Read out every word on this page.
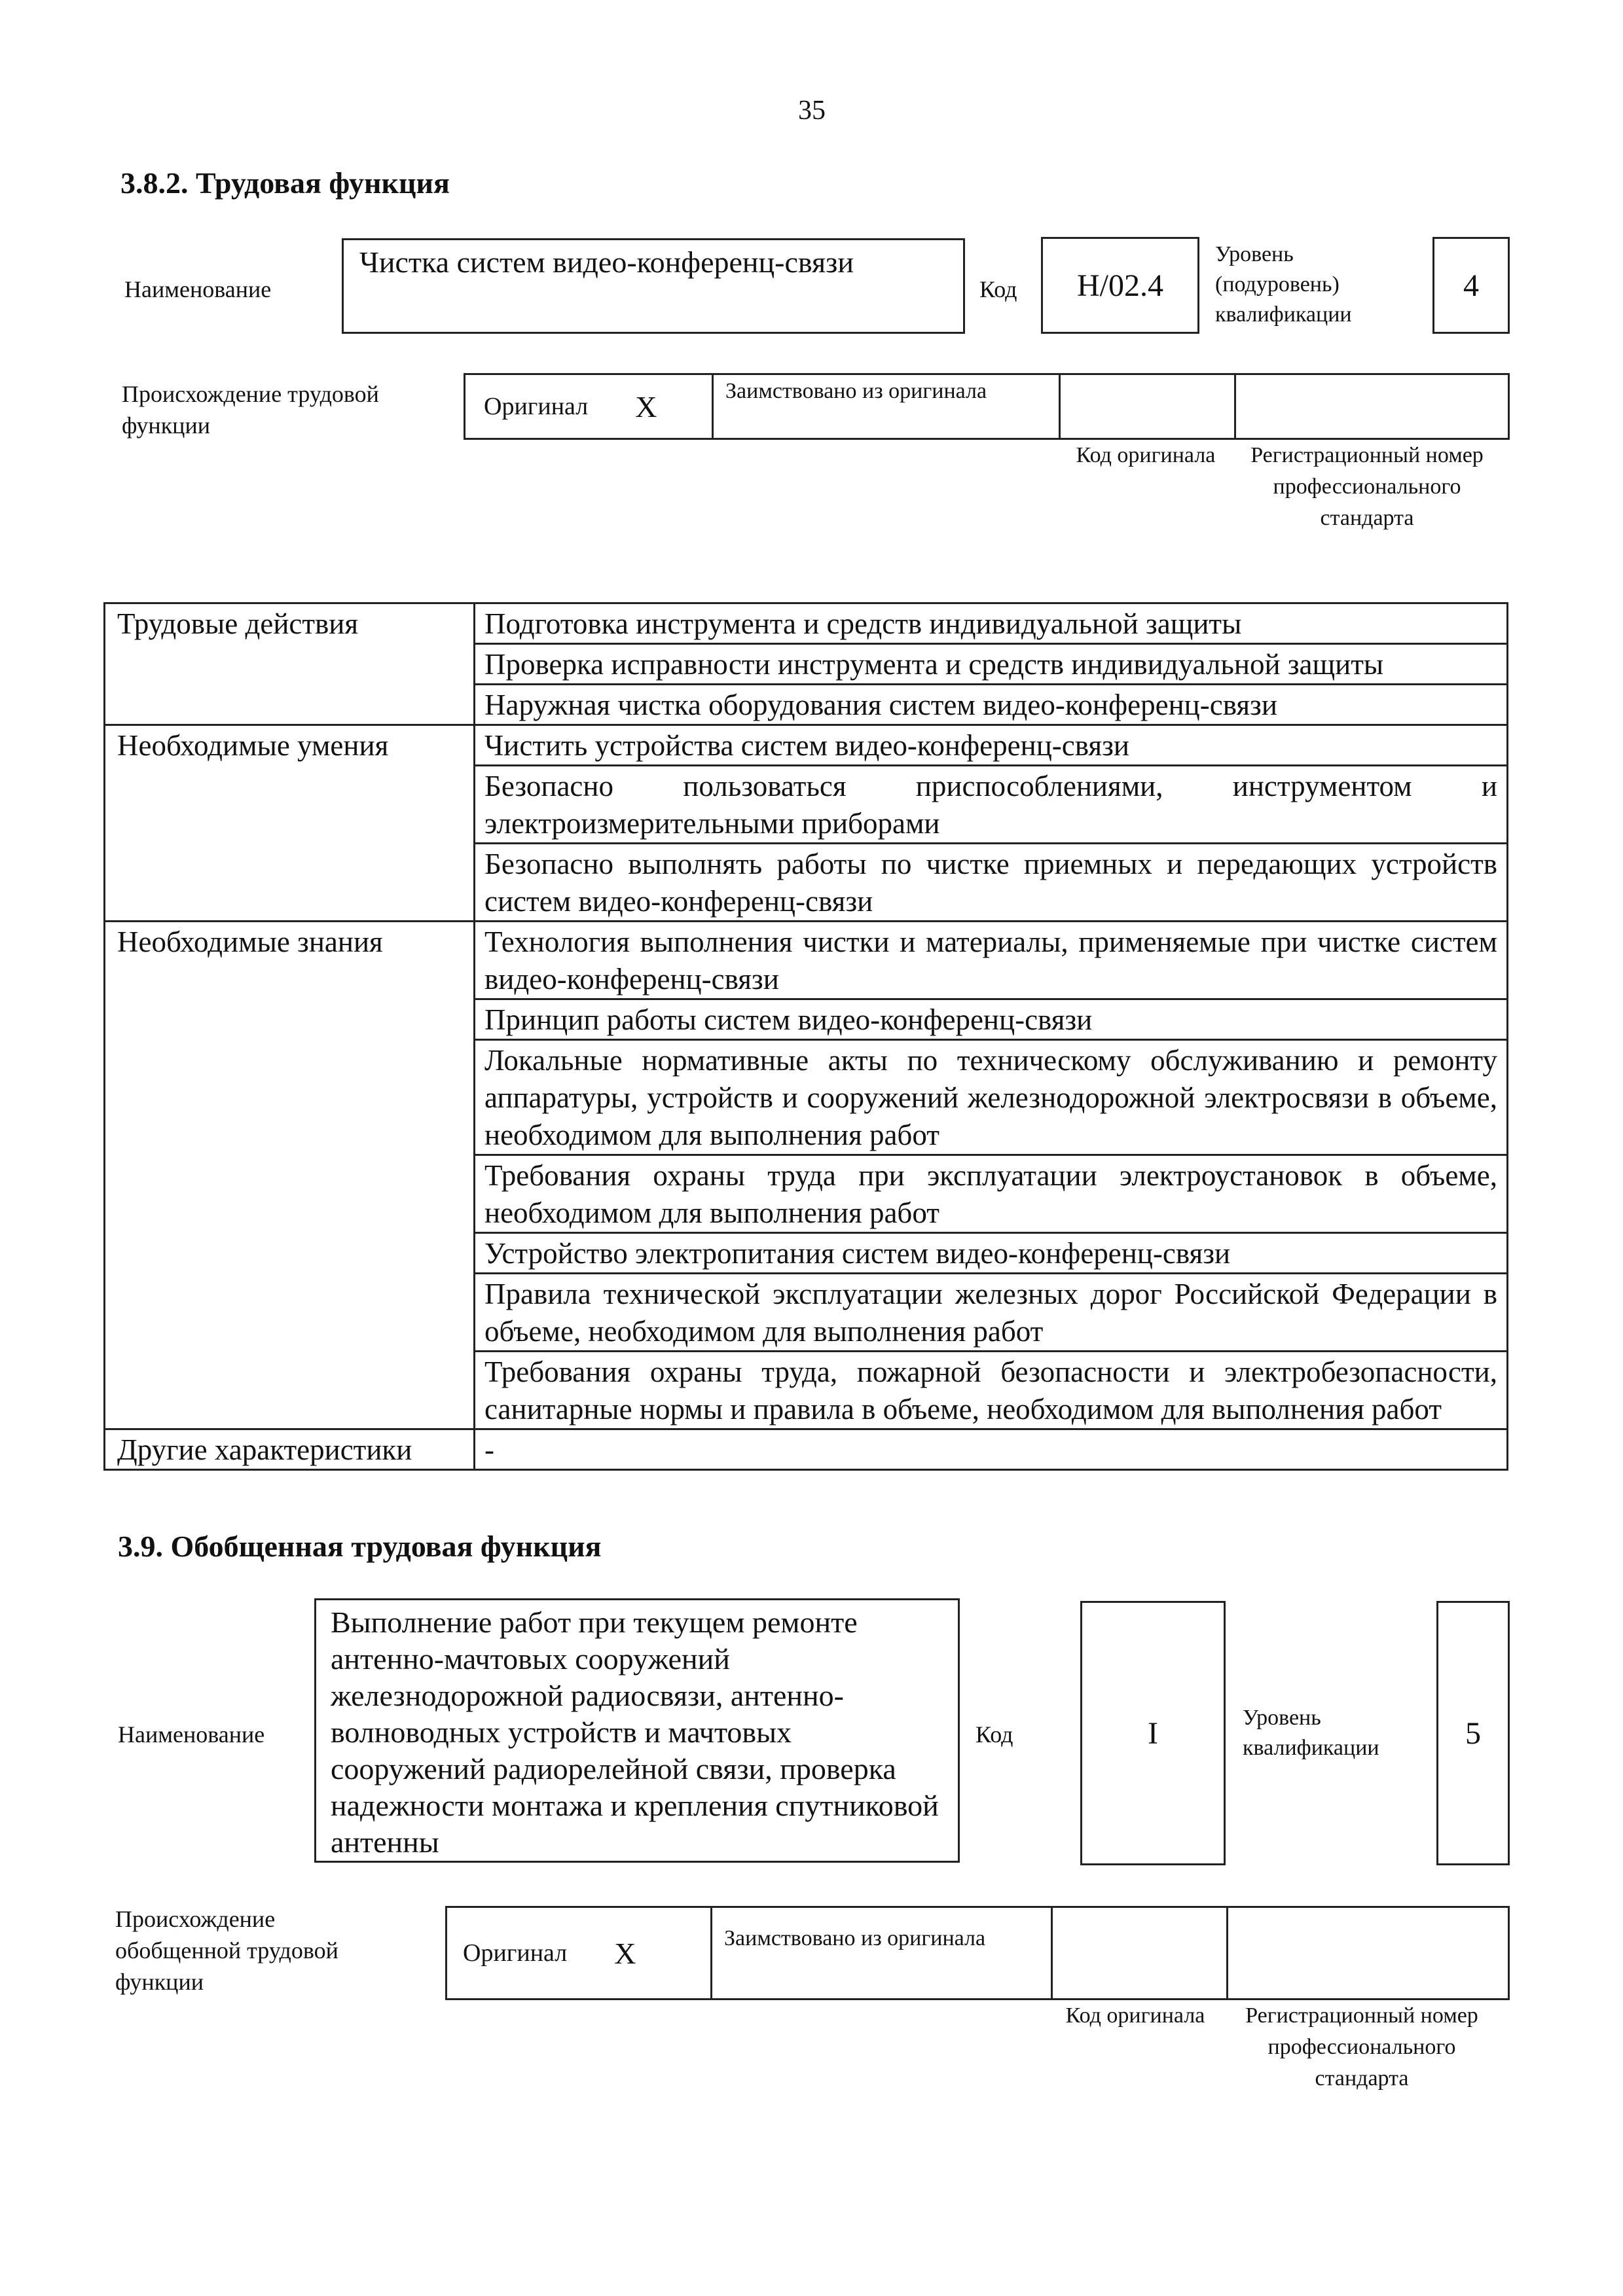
35
3.8.2. Трудовая функция
Наименование
Чистка систем видео-конференц-связи
Код H/02.4
Уровень (подуровень) квалификации
4
Происхождение трудовой функции
Оригинал X	Заимствовано из оригинала
Код оригинала	Регистрационный номер профессионального стандарта
Трудовые действия	Подготовка инструмента и средств индивидуальной защиты
	Проверка исправности инструмента и средств индивидуальной защиты
	Наружная чистка оборудования систем видео-конференц-связи
Необходимые умения	Чистить устройства систем видео-конференц-связи
	Безопасно пользоваться приспособлениями, инструментом и электроизмерительными приборами
	Безопасно выполнять работы по чистке приемных и передающих устройств систем видео-конференц-связи
Необходимые знания	Технология выполнения чистки и материалы, применяемые при чистке систем видео-конференц-связи
	Принцип работы систем видео-конференц-связи
	Локальные нормативные акты по техническому обслуживанию и ремонту аппаратуры, устройств и сооружений железнодорожной электросвязи в объеме, необходимом для выполнения работ
	Требования охраны труда при эксплуатации электроустановок в объеме, необходимом для выполнения работ
	Устройство электропитания систем видео-конференц-связи
	Правила технической эксплуатации железных дорог Российской Федерации в объеме, необходимом для выполнения работ
	Требования охраны труда, пожарной безопасности и электробезопасности, санитарные нормы и правила в объеме, необходимом для выполнения работ
Другие характеристики	-
3.9. Обобщенная трудовая функция
Наименование
Выполнение работ при текущем ремонте антенно-мачтовых сооружений железнодорожной радиосвязи, антенно-волноводных устройств и мачтовых сооружений радиорелейной связи, проверка надежности монтажа и крепления спутниковой антенны
Код	I	Уровень квалификации	5
Происхождение обобщенной трудовой функции
Оригинал X	Заимствовано из оригинала
Код оригинала	Регистрационный номер профессионального стандарта
